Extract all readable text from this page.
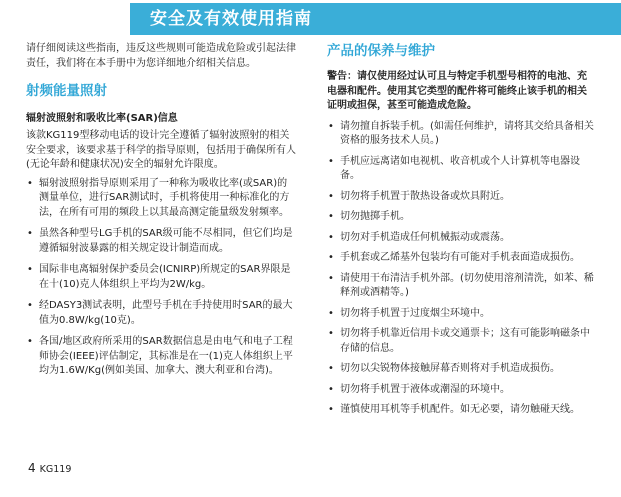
安全及有效使用指南

请仔细阅读这些指南，违反这些规则可能造成危险或引起法律责任，我们将在本手册中为您详细地介绍相关信息。

射频能量照射
辐射波照射和吸收比率(SAR)信息

该款KG119型移动电话的设计完全遵循了辐射波照射的相关安全要求，该要求基于科学的指导原则，包括用于确保所有人(无论年龄和健康状况)安全的辐射允许限度。

• 辐射波照射指导原则采用了一种称为吸收比率(或SAR)的测量单位，进行SAR测试时，手机将使用一种标准化的方法，在所有可用的频段上以其最高测定能量级发射频率。
• 虽然各种型号LG手机的SAR级可能不尽相同，但它们均是遵循辐射波暴露的相关规定设计制造而成。
• 国际非电离辐射保护委员会(ICNIRP)所规定的SAR界限是在十(10)克人体组织上平均为2W/kg。
• 经DASY3测试表明，此型号手机在手持使用时SAR的最大值为0.8W/kg(10克)。
• 各国/地区政府所采用的SAR数据信息是由电气和电子工程师协会(IEEE)评估制定，其标准是在一(1)克人体组织上平均为1.6W/Kg(例如美国、加拿大、澳大利亚和台湾)。
产品的保养与维护
警告：请仅使用经过认可且与特定手机型号相符的电池、充电器和配件。使用其它类型的配件将可能终止该手机的相关证明或担保，甚至可能造成危险。
• 请勿擅自拆装手机。(如需任何维护，请将其交给具备相关资格的服务技术人员。)
• 手机应远离诸如电视机、收音机或个人计算机等电器设备。
• 切勿将手机置于散热设备或炊具附近。
• 切勿抛掷手机。
• 切勿对手机造成任何机械振动或震荡。
• 手机套或乙烯基外包装均有可能对手机表面造成损伤。
• 请使用干布清洁手机外部。(切勿使用溶剂清洗，如苯、稀释剂或酒精等。)
• 切勿将手机置于过度烟尘环境中。
• 切勿将手机靠近信用卡或交通票卡；这有可能影响磁条中存储的信息。
• 切勿以尖锐物体接触屏幕否则将对手机造成损伤。
• 切勿将手机置于液体或潮湿的环境中。
• 谨慎使用耳机等手机配件。如无必要，请勿触碰天线。
4 KG119
